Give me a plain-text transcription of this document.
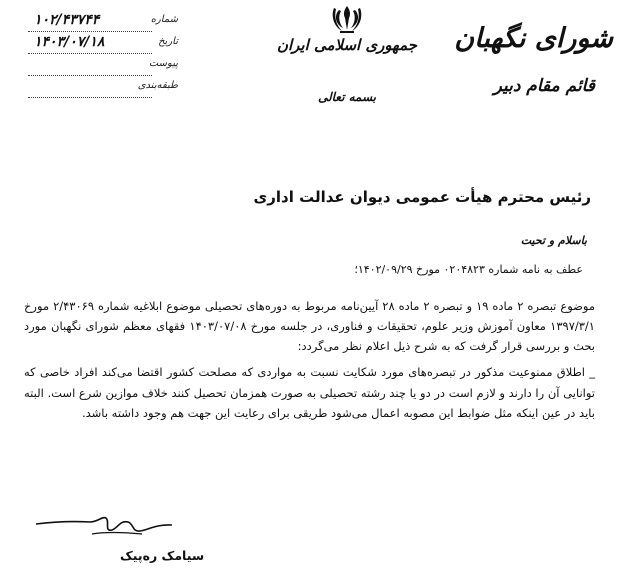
شماره
۱۰۲/۴۳۷۴۴
تاریخ
۱۴۰۳/۰۷/۱۸
پیوست
طبقه‌بندی
جمهوری اسلامی ایران
بسمه تعالی
شورای نگهبان
قائم مقام دبیر
رئیس محترم هیأت عمومی دیوان عدالت اداری
باسلام و تحیت
عطف به نامه شماره ۰۲۰۴۸۲۳ مورخ ۱۴۰۲/۰۹/۲۹؛
موضوع تبصره ۲ ماده ۱۹ و تبصره ۲ ماده ۲۸ آیین‌نامه مربوط به دوره‌های تحصیلی موضوع ابلاغیه شماره ۲/۴۳۰۶۹ مورخ ۱۳۹۷/۳/۱ معاون آموزش وزیر علوم، تحقیقات و فناوری، در جلسه مورخ ۱۴۰۳/۰۷/۰۸ فقهای معظم شورای نگهبان مورد بحث و بررسی قرار گرفت که به شرح ذیل اعلام نظر می‌گردد:
_ اطلاق ممنوعیت مذکور در تبصره‌های مورد شکایت نسبت به مواردی که مصلحت کشور اقتضا می‌کند افراد خاصی که توانایی آن را دارند و لازم است در دو یا چند رشته تحصیلی به صورت همزمان تحصیل کنند خلاف موازین شرع است. البته باید در عین اینکه مثل ضوابط این مصوبه اعمال می‌شود طریقی برای رعایت این جهت هم وجود داشته باشد.
سیامک ره‌پیک
